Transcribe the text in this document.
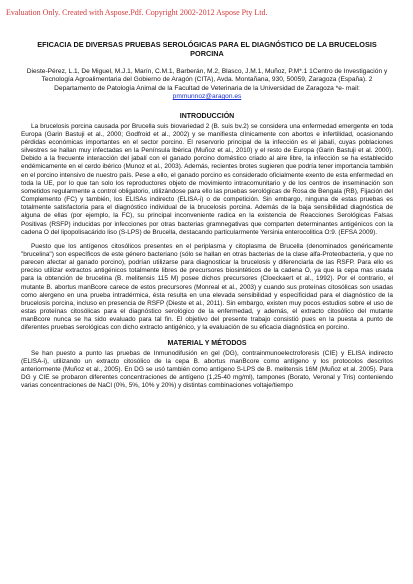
Evaluation Only. Created with Aspose.Pdf. Copyright 2002-2012 Aspose Pty Ltd.

EFICACIA DE DIVERSAS PRUEBAS SEROLÓGICAS PARA EL DIAGNÓSTICO DE LA BRUCELOSIS PORCINA

Dieste-Pérez, L.1, De Miguel, M.J.1, Marín, C.M.1, Barberán, M.2, Blasco, J.M.1, Muñoz, P.M*.1 1Centro de Investigación y Tecnología Agroalimentaria del Gobierno de Aragón (CITA), Avda. Montañana, 930, 50059, Zaragoza (España). 2 Departamento de Patología Animal de la Facultad de Veterinaria de la Universidad de Zaragoza *e- mail:

pmmunnoz@aragon.es

INTRODUCCIÓN

La brucelosis porcina causada por Brucella suis biovariedad 2 (B. suis bv.2) se considera una enfermedad emergente en toda Europa (Garin Bastuji et al., 2000; Godfroid et al., 2002) y se manifiesta clínicamente con abortos e infertilidad, ocasionando pérdidas económicas importantes en el sector porcino. El reservorio principal de la infección es el jabalí, cuyas poblaciones silvestres se hallan muy infectadas en la Península Ibérica (Muñoz et al., 2010) y el resto de Europa (Garin Bastuji et al. 2000). Debido a la frecuente interacción del jabalí con el ganado porcino doméstico criado al aire libre, la infección se ha establecido endémicamente en el cerdo ibérico (Munoz et al., 2003). Además, recientes brotes sugieren que podría tener importancia también en el porcino intensivo de nuestro país. Pese a ello, el ganado porcino es considerado oficialmente exento de esta enfermedad en toda la UE, por lo que tan solo los reproductores objeto de movimiento intracomunitario y de los centros de inseminación son sometidos regularmente a control obligatorio, utilizándose para ello las pruebas serológicas de Rosa de Bengala (RB), Fijación del Complemento (FC) y también, los ELISAs indirecto (ELISA-i) o de competición. Sin embargo, ninguna de estas pruebas es totalmente satisfactoria para el diagnóstico individual de la brucelosis porcina. Además de la baja sensibilidad diagnóstica de alguna de ellas (por ejemplo, la FC), su principal inconveniente radica en la existencia de Reacciones Serológicas Falsas Positivas (RSFP) inducidas por infecciones por otras bacterias gramnegativas que comparten determinantes antigénicos con la cadena O del lipopolisacárido liso (S-LPS) de Brucella, destacando particularmente Yersinia enterocolitica O:9. (EFSA 2009).

Puesto que los antígenos citosólicos presentes en el periplasma y citoplasma de Brucella (denominados genéricamente "brucelina") son específicos de este género bacteriano (sólo se hallan en otras bacterias de la clase alfa-Proteobacteria, y que no parecen afectar al ganado porcino), podrían utilizarse para diagnosticar la brucelosis y diferenciarla de las RSFP. Para ello es preciso utilizar extractos antigénicos totalmente libres de precursores biosintéticos de la cadena O, ya que la cepa mas usada para la obtención de brucelina (B. melitensis 115 M) posee dichos precursores (Cloeckaert et al., 1992). Por el contrario, el mutante B. abortus manBcore carece de estos precursores (Monreal et al., 2003) y cuando sus proteínas citosólicas son usadas como alergeno en una prueba intradérmica, ésta resulta en una elevada sensibilidad y especificidad para el diagnóstico de la brucelosis porcina, incluso en presencia de RSFP (Dieste et al., 2011). Sin embargo, existen muy pocos estudios sobre el uso de estas proteínas citosólicas para el diagnóstico serológico de la enfermedad, y además, el extracto citosólico del mutante manBcore nunca se ha sido evaluado para tal fin. El objetivo del presente trabajo consistió pues en la puesta a punto de diferentes pruebas serológicas con dicho extracto antigénico, y la evaluación de su eficacia diagnóstica en porcino.

MATERIAL Y MÉTODOS

Se han puesto a punto las pruebas de Inmunodifusión en gel (DG), contrainmunoelectroforesis (CIE) y ELISA indirecto (ELISA-i), utilizando un extracto citosólico de la cepa B. abortus manBcore como antígeno y los protocolos descritos anteriormente (Muñoz et al., 2005). En DG se usó también como antígeno S-LPS de B. melitensis 16M (Muñoz et al. 2005). Para DG y CIE se probaron diferentes concentraciones de antígeno (1,25-40 mg/ml), tampones (Borato, Veronal y Tris) conteniendo varias concentraciones de NaCl (0%, 5%, 10% y 20%) y distintas combinaciones voltaje/tiempo
